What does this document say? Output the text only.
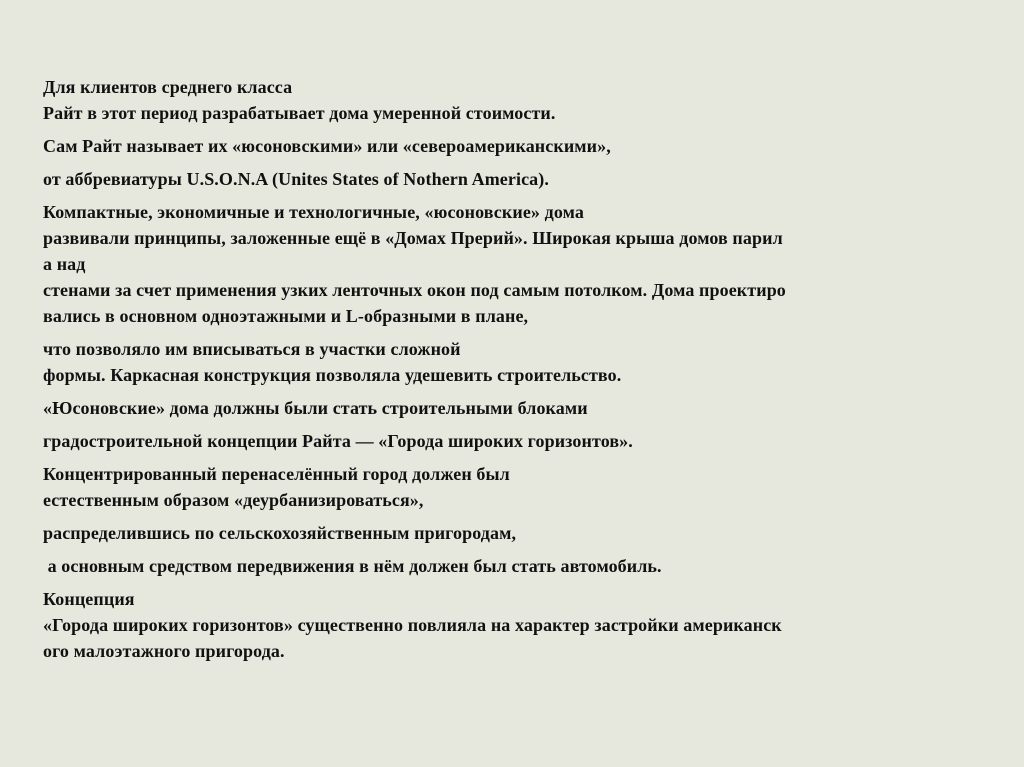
Для клиентов среднего класса
Райт в этот период разрабатывает дома умеренной стоимости.
Сам Райт называет их «юсоновскими» или «североамериканскими»,
от аббревиатуры U.S.O.N.A (Unites States of Nothern America).
Компактные, экономичные и технологичные, «юсоновские» дома
развивали принципы, заложенные ещё в «Домах Прерий». Широкая крыша домов парил
а над
стенами за счет применения узких ленточных окон под самым потолком. Дома проектиро
вались в основном одноэтажными и L-образными в плане,
что позволяло им вписываться в участки сложной
формы. Каркасная конструкция позволяла удешевить строительство.
«Юсоновские» дома должны были стать строительными блоками
градостроительной концепции Райта — «Города широких горизонтов».
Концентрированный перенаселённый город должен был
естественным образом «деурбанизироваться»,
распределившись по сельскохозяйственным пригородам,
а основным средством передвижения в нём должен был стать автомобиль.
Концепция
«Города широких горизонтов» существенно повлияла на характер застройки американск
ого малоэтажного пригорода.
